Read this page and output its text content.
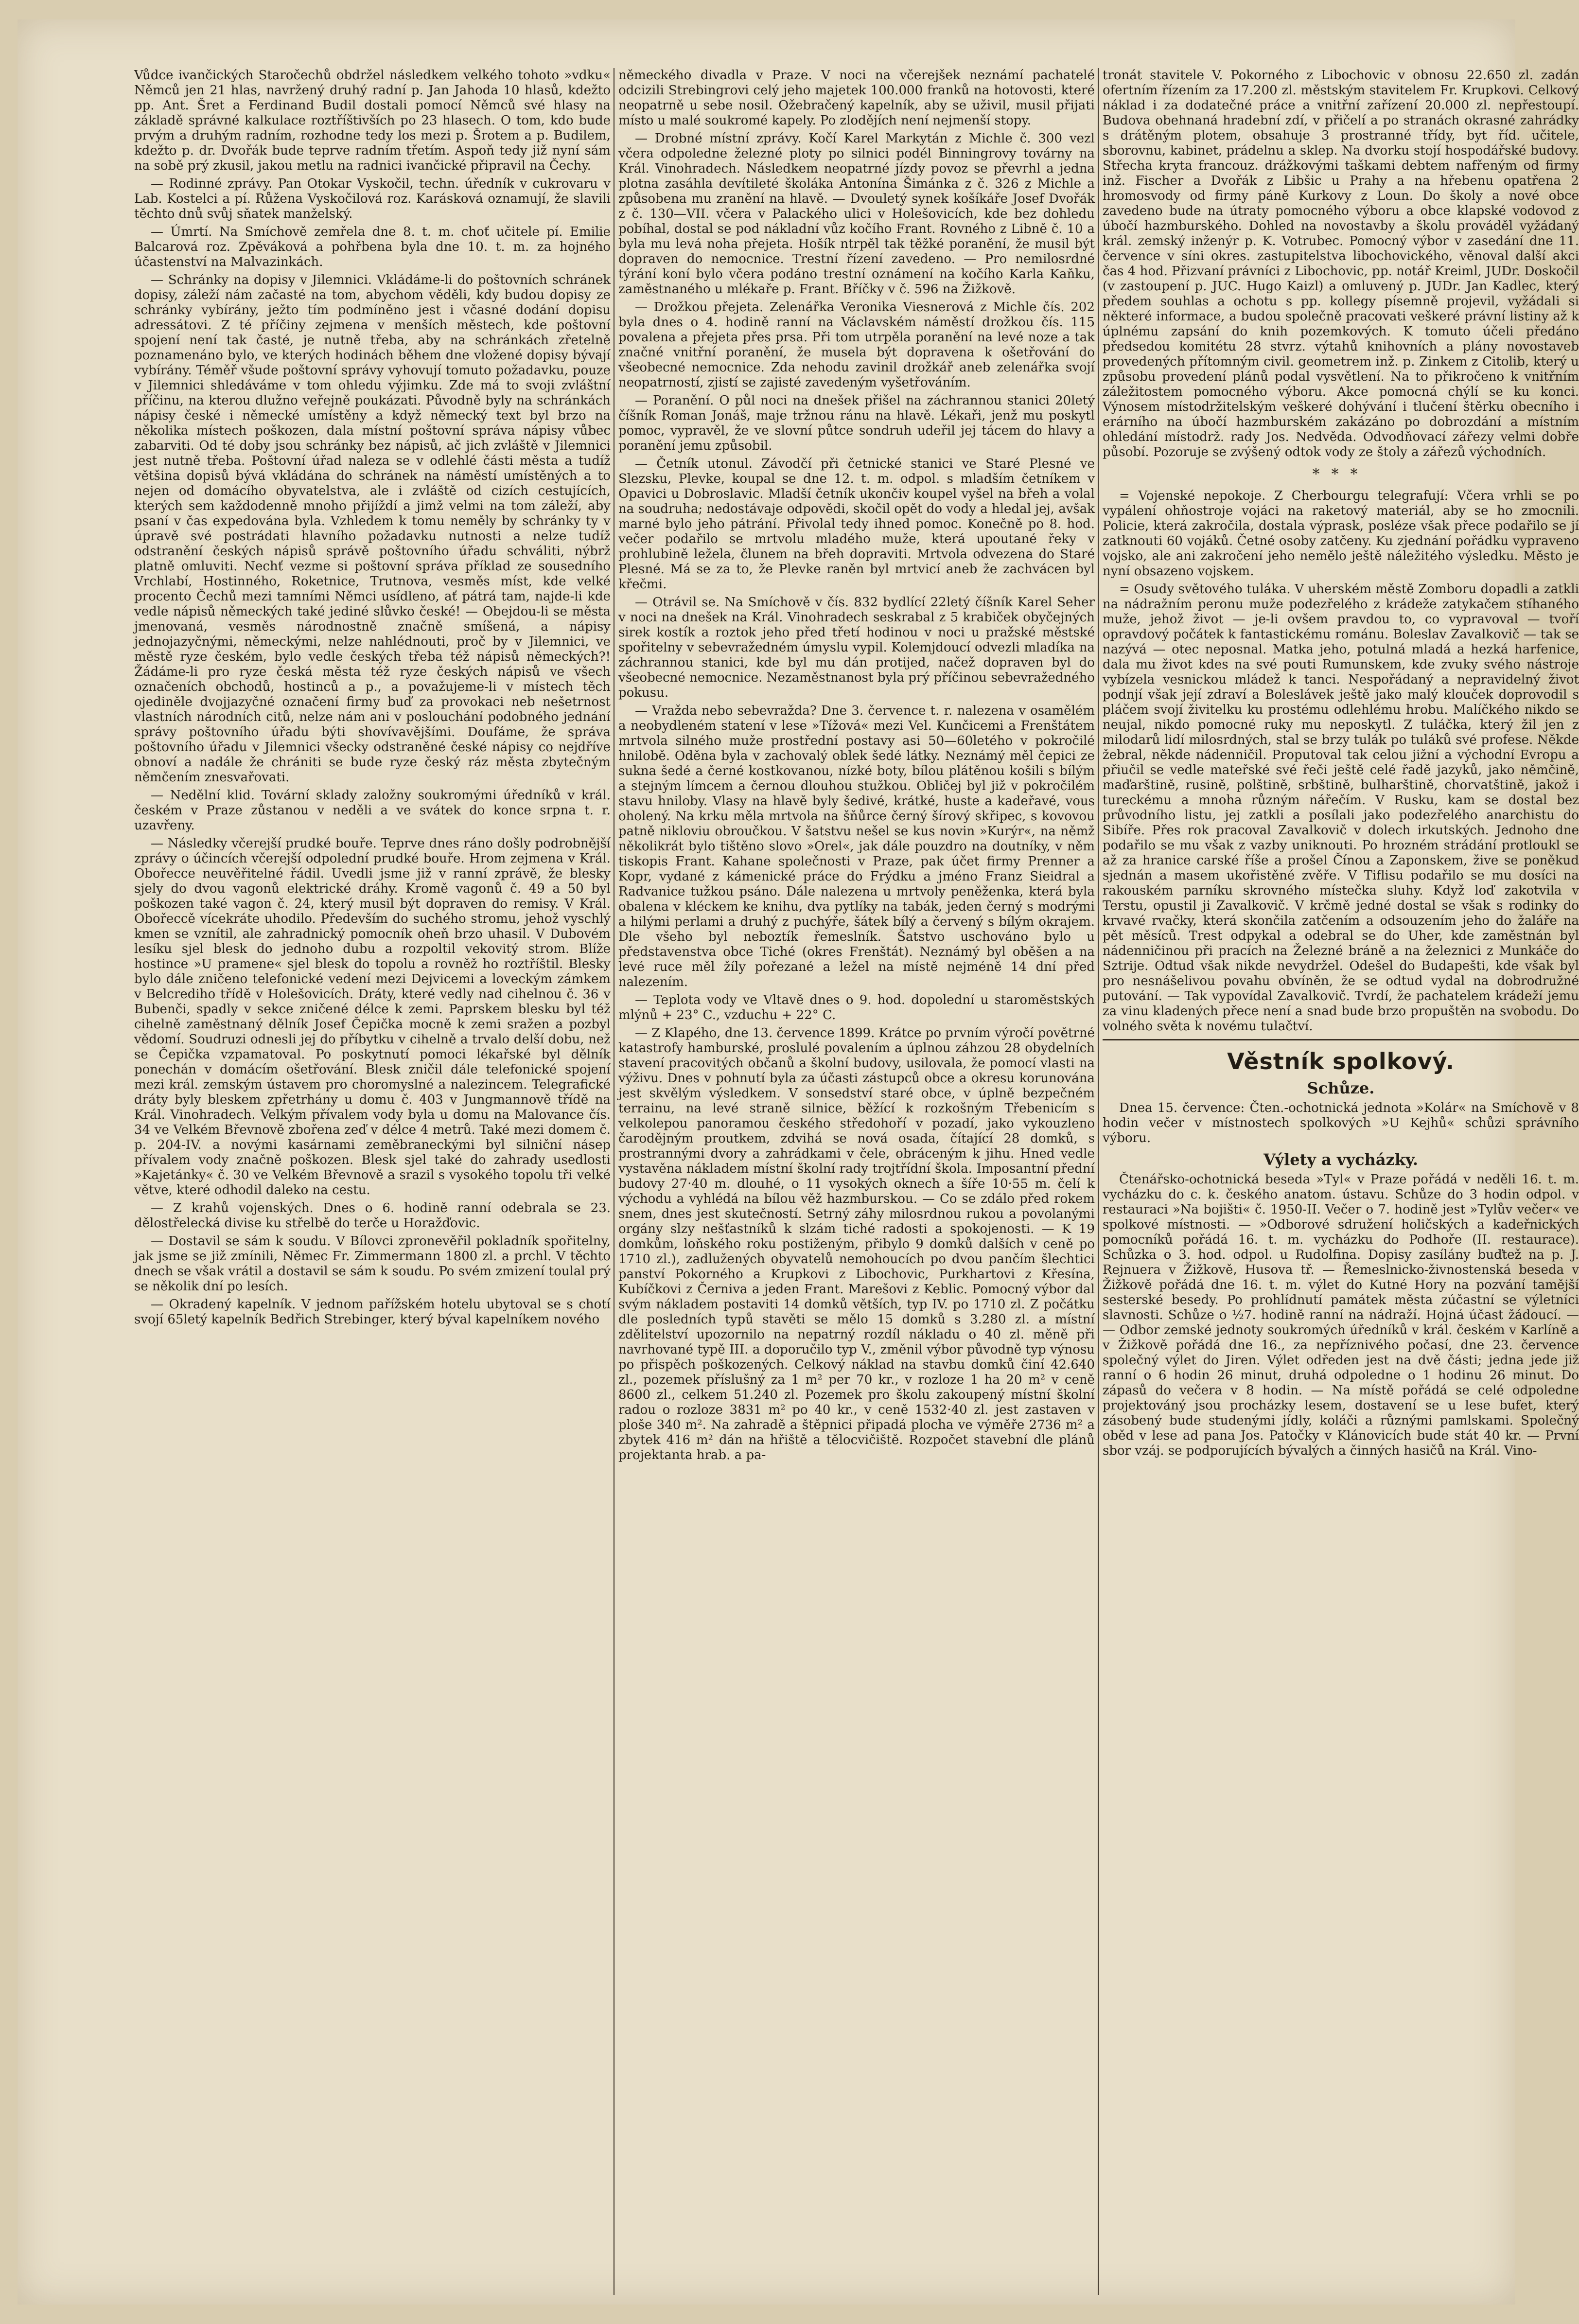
Vůdce ivančických Staročechů obdržel následkem velkého tohoto »vdku« Němců jen 21 hlas, navržený druhý radní p. Jan Jahoda 10 hlasů, kdežto pp. Ant. Šret a Ferdinand Budil dostali pomocí Němců své hlasy na základě správné kalkulace roztříštivších po 23 hlasech. O tom, kdo bude prvým a druhým radním, rozhodne tedy los mezi p. Šrotem a p. Budilem, kdežto p. dr. Dvořák bude teprve radním třetím. Aspoň tedy již nyní sám na sobě prý zkusil, jakou metlu na radnici ivančické připravil na Čechy.

— Rodinné zprávy. Pan Otokar Vyskočil, techn. úředník v cukrovaru v Lab. Kostelci a pí. Růžena Vyskočilová roz. Karásková oznamují, že slavili těchto dnů svůj sňatek manželský.

— Úmrtí. Na Smíchově zemřela dne 8. t. m. choť učitele pí. Emilie Balcarová roz. Zpěváková a pohřbena byla dne 10. t. m. za hojného účastenství na Malvazinkách.

— Schránky na dopisy v Jilemnici. Vkládáme-li do poštovních schránek dopisy, záleží nám začasté na tom, abychom věděli, kdy budou dopisy ze schránky vybírány, ježto tím podmíněno jest i včasné dodání dopisu adressátovi. Z té příčiny zejmena v menších městech, kde poštovní spojení není tak časté, je nutně třeba, aby na schránkách zřetelně poznamenáno bylo, ve kterých hodinách během dne vložené dopisy bývají vybírány. Téměř všude poštovní správy vyhovují tomuto požadavku, pouze v Jilemnici shledáváme v tom ohledu výjimku. Zde má to svoji zvláštní příčinu, na kterou dlužno veřejně poukázati. Původně byly na schránkách nápisy české i německé umístěny a když německý text byl brzo na několika místech poškozen, dala místní poštovní správa nápisy vůbec zabarviti. Od té doby jsou schránky bez nápisů, ač jich zvláště v Jilemnici jest nutně třeba. Poštovní úřad naleza se v odlehlé části města a tudíž většina dopisů bývá vkládána do schránek na náměstí umístěných a to nejen od domácího obyvatelstva, ale i zvláště od cizích cestujících, kterých sem každodenně mnoho přijíždí a jimž velmi na tom záleží, aby psaní v čas expedována byla. Vzhledem k tomu neměly by schránky ty v úpravě své postrádati hlavního požadavku nutnosti a nelze tudíž odstranění českých nápisů správě poštovního úřadu schváliti, nýbrž platně omluviti. Nechť vezme si poštovní správa příklad ze sousedního Vrchlabí, Hostinného, Roketnice, Trutnova, vesměs míst, kde velké procento Čechů mezi tamními Němci usídleno, ať pátrá tam, najde-li kde vedle nápisů německých také jediné slůvko české! — Obejdou-li se města jmenovaná, vesměs národnostně značně smíšená, a nápisy jednojazyčnými, německými, nelze nahlédnouti, proč by v Jilemnici, ve městě ryze českém, bylo vedle českých třeba též nápisů německých?! Žádáme-li pro ryze česká města též ryze českých nápisů ve všech označeních obchodů, hostinců a p., a považujeme-li v místech těch ojediněle dvojjazyčné označení firmy buď za provokaci neb nešetrnost vlastních národních citů, nelze nám ani v poslouchání podobného jednání správy poštovního úřadu býti shovívavějšími. Doufáme, že správa poštovního úřadu v Jilemnici všecky odstraněné české nápisy co nejdříve obnoví a nadále že chrániti se bude ryze český ráz města zbytečným němčením znesvařovati.

— Nedělní klid. Tovární sklady založny soukromými úředníků v král. českém v Praze zůstanou v neděli a ve svátek do konce srpna t. r. uzavřeny.

— Následky včerejší prudké bouře. Teprve dnes ráno došly podrobnější zprávy o účincích včerejší odpolední prudké bouře. Hrom zejmena v Král. Obořecce neuvěřitelné řádil. Uvedli jsme již v ranní zprávě, že blesky sjely do dvou vagonů elektrické dráhy. Kromě vagonů č. 49 a 50 byl poškozen také vagon č. 24, který musil být dopraven do remisy. V Král. Obořeccě vícekráte uhodilo. Především do suchého stromu, jehož vyschlý kmen se vznítil, ale zahradnický pomocník oheň brzo uhasil. V Dubovém lesíku sjel blesk do jednoho dubu a rozpoltil vekovitý strom. Blíže hostince »U pramene« sjel blesk do topolu a rovněž ho roztříštil. Blesky bylo dále zničeno telefonické vedení mezi Dejvicemi a loveckým zámkem v Belcrediho třídě v Holešovicích. Dráty, které vedly nad cihelnou č. 36 v Bubenči, spadly v sekce zničené délce k zemi. Paprskem blesku byl též cihelně zaměstnaný dělník Josef Čepička mocně k zemi sražen a pozbyl vědomí. Soudruzi odnesli jej do příbytku v cihelně a trvalo delší dobu, než se Čepička vzpamatoval. Po poskytnutí pomoci lékařské byl dělník ponechán v domácím ošetřování. Blesk zničil dále telefonické spojení mezi král. zemským ústavem pro choromyslné a nalezincem. Telegrafické dráty byly bleskem zpřetrhány u domu č. 403 v Jungmannově třídě na Král. Vinohradech. Velkým přívalem vody byla u domu na Malovance čís. 34 ve Velkém Břevnově zbořena zeď v délce 4 metrů. Také mezi domem č. p. 204-IV. a novými kasárnami zeměbraneckými byl silniční násep přívalem vody značně poškozen. Blesk sjel také do zahrady usedlosti »Kajetánky« č. 30 ve Velkém Břevnově a srazil s vysokého topolu tři velké větve, které odhodil daleko na cestu.

— Z krahů vojenských. Dnes o 6. hodině ranní odebrala se 23. dělostřelecká divise ku střelbě do terče u Horažďovic.

— Dostavil se sám k soudu. V Bílovci zpronevěřil pokladník spořitelny, jak jsme se již zmínili, Němec Fr. Zimmermann 1800 zl. a prchl. V těchto dnech se však vrátil a dostavil se sám k soudu. Po svém zmizení toulal prý se několik dní po lesích.

— Okradený kapelník. V jednom pařížském hotelu ubytoval se s chotí svojí 65letý kapelník Bedřich Strebinger, který býval kapelníkem nového

německého divadla v Praze. V noci na včerejšek neznámí pachatelé odcizili Strebingrovi celý jeho majetek 100.000 franků na hotovosti, které neopatrně u sebe nosil. Ožebračený kapelník, aby se uživil, musil přijati místo u malé soukromé kapely. Po zlodějích není nejmenší stopy.

— Drobné místní zprávy. Kočí Karel Markytán z Michle č. 300 vezl včera odpoledne železné ploty po silnici podél Binningrovy továrny na Král. Vinohradech. Následkem neopatrné jízdy povoz se převrhl a jedna plotna zasáhla devítileté školáka Antonína Šimánka z č. 326 z Michle a způsobena mu zranění na hlavě. — Dvouletý synek košíkáře Josef Dvořák z č. 130—VII. včera v Palackého ulici v Holešovicích, kde bez dohledu pobíhal, dostal se pod nákladní vůz kočího Frant. Rovného z Libně č. 10 a byla mu levá noha přejeta. Hošík ntrpěl tak těžké poranění, že musil být dopraven do nemocnice. Trestní řízení zavedeno. — Pro nemilosrdné týrání koní bylo včera podáno trestní oznámení na kočího Karla Kaňku, zaměstnaného u mlékaře p. Frant. Bříčky v č. 596 na Žižkově.

— Drožkou přejeta. Zelenářka Veronika Viesnerová z Michle čís. 202 byla dnes o 4. hodině ranní na Václavském náměstí drožkou čís. 115 povalena a přejeta přes prsa. Při tom utrpěla poranění na levé noze a tak značné vnitřní poranění, že musela být dopravena k ošetřování do všeobecné nemocnice. Zda nehodu zavinil drožkář aneb zelenářka svojí neopatrností, zjistí se zajisté zavedeným vyšetřováním.

— Poranění. O půl noci na dnešek přišel na záchrannou stanici 20letý číšník Roman Jonáš, maje tržnou ránu na hlavě. Lékaři, jenž mu poskytl pomoc, vypravěl, že ve slovní půtce sondruh udeřil jej tácem do hlavy a poranění jemu způsobil.

— Četník utonul. Závodčí při četnické stanici ve Staré Plesné ve Slezsku, Plevke, koupal se dne 12. t. m. odpol. s mladším četníkem v Opavici u Dobroslavic. Mladší četník ukončiv koupel vyšel na břeh a volal na soudruha; nedostávaje odpovědi, skočil opět do vody a hledal jej, avšak marné bylo jeho pátrání. Přivolal tedy ihned pomoc. Konečně po 8. hod. večer podařilo se mrtvolu mladého muže, která upoutané řeky v prohlubině ležela, člunem na břeh dopraviti. Mrtvola odvezena do Staré Plesné. Má se za to, že Plevke raněn byl mrtvicí aneb že zachvácen byl křečmi.

— Otrávil se. Na Smíchově v čís. 832 bydlící 22letý číšník Karel Seher v noci na dnešek na Král. Vinohradech seskrabal z 5 krabiček obyčejných sirek kostík a roztok jeho před třetí hodinou v noci u pražské městské spořitelny v sebevražedném úmyslu vypil. Kolemjdoucí odvezli mladíka na záchrannou stanici, kde byl mu dán protijed, načež dopraven byl do všeobecné nemocnice. Nezaměstnanost byla prý příčinou sebevražedného pokusu.

— Vražda nebo sebevražda? Dne 3. července t. r. nalezena v osamělém a neobydleném statení v lese »Tížová« mezi Vel. Kunčicemi a Frenštátem mrtvola silného muže prostřední postavy asi 50—60letého v pokročilé hnilobě. Oděna byla v zachovalý oblek šedé látky. Neznámý měl čepici ze sukna šedé a černé kostkovanou, nízké boty, bílou plátěnou košili s bílým a stejným límcem a černou dlouhou stužkou. Obličej byl již v pokročilém stavu hniloby. Vlasy na hlavě byly šedivé, krátké, huste a kadeřavé, vous oholený. Na krku měla mrtvola na šňůrce černý šírový skřipec, s kovovou patně nikloviu obroučkou. V šatstvu nešel se kus novin »Kurýr«, na němž několikrát bylo tištěno slovo »Orel«, jak dále pouzdro na doutníky, v něm tiskopis Frant. Kahane společnosti v Praze, pak účet firmy Prenner a Kopr, vydané z kámenické práce do Frýdku a jméno Franz Sieidral a Radvanice tužkou psáno. Dále nalezena u mrtvoly peněženka, která byla obalena v kléckem ke knihu, dva pytlíky na tabák, jeden černý s modrými a hilými perlami a druhý z puchýře, šátek bílý a červený s bílým okrajem. Dle všeho byl neboztík řemeslník. Šatstvo uschováno bylo u představenstva obce Tiché (okres Frenštát). Neznámý byl oběšen a na levé ruce měl žíly pořezané a ležel na místě nejméně 14 dní před nalezením.

— Teplota vody ve Vltavě dnes o 9. hod. dopolední u staroměstských mlýnů + 23° C., vzduchu + 22° C.

— Z Klapého, dne 13. července 1899. Krátce po prvním výročí povětrné katastrofy hamburské, proslulé povalením a úplnou záhzou 28 obydelních stavení pracovitých občanů a školní budovy, usilovala, že pomocí vlasti na výživu. Dnes v pohnutí byla za účasti zástupců obce a okresu korunována jest skvělým výsledkem. V sonsedství staré obce, v úplně bezpečném terrainu, na levé straně silnice, běžící k rozkošným Třebenicím s velkolepou panoramou českého středohoří v pozadí, jako vykouzleno čarodějným proutkem, zdvihá se nová osada, čítající 28 domků, s prostrannými dvory a zahrádkami v čele, obráceným k jihu. Hned vedle vystavěna nákladem místní školní rady trojtřídní škola. Imposantní přední budovy 27·40 m. dlouhé, o 11 vysokých oknech a šíře 10·55 m. čelí k východu a vyhlédá na bílou věž hazmburskou. — Co se zdálo před rokem snem, dnes jest skutečností. Setrný záhy milosrdnou rukou a povolanými orgány slzy nešťastníků k slzám tiché radosti a spokojenosti. — K 19 domkům, loňského roku postiženým, přibylo 9 domků dalších v ceně po 1710 zl.), zadlužených obyvatelů nemohoucích po dvou pančím šlechtici panství Pokorného a Krupkovi z Libochovic, Purkhartovi z Křesína, Kubíčkovi z Černiva a jeden Frant. Marešovi z Keblic. Pomocný výbor dal svým nákladem postaviti 14 domků větších, typ IV. po 1710 zl. Z počátku dle posledních typů stavěti se mělo 15 domků s 3.280 zl. a místní zdělitelství upozornilo na nepatrný rozdíl nákladu o 40 zl. měně při navrhované typě III. a doporučilo typ V., změnil výbor původně typ výnosu po přispěch poškozených. Celkový náklad na stavbu domků činí 42.640 zl., pozemek příslušný za 1 m² per 70 kr., v rozloze 1 ha 20 m² v ceně 8600 zl., celkem 51.240 zl. Pozemek pro školu zakoupený místní školní radou o rozloze 3831 m² po 40 kr., v ceně 1532·40 zl. jest zastaven v ploše 340 m². Na zahradě a štěpnici připadá plocha ve výměře 2736 m² a zbytek 416 m² dán na hřiště a tělocvičiště. Rozpočet stavební dle plánů projektanta hrab. a pa-

tronát stavitele V. Pokorného z Libochovic v obnosu 22.650 zl. zadán ofertním řízením za 17.200 zl. městským stavitelem Fr. Krupkovi. Celkový náklad i za dodatečné práce a vnitřní zařízení 20.000 zl. nepřestoupí. Budova obehnaná hradební zdí, v přičelí a po stranách okrasné zahrádky s drátěným plotem, obsahuje 3 prostranné třídy, byt říd. učitele, sborovnu, kabinet, prádelnu a sklep. Na dvorku stojí hospodářské budovy. Střecha kryta francouz. drážkovými taškami debtem nafřeným od firmy inž. Fischer a Dvořák z Libšic u Prahy a na hřebenu opatřena 2 hromosvody od firmy páně Kurkovy z Loun. Do školy a nové obce zavedeno bude na útraty pomocného výboru a obce klapské vodovod z úbočí hazmburského. Dohled na novostavby a školu prováděl vyžádaný král. zemský inženýr p. K. Votrubec. Pomocný výbor v zasedání dne 11. července v síni okres. zastupitelstva libochovického, věnoval další akci čas 4 hod. Přizvaní právníci z Libochovic, pp. notář Kreiml, JUDr. Doskočil (v zastoupení p. JUC. Hugo Kaizl) a omluvený p. JUDr. Jan Kadlec, který předem souhlas a ochotu s pp. kollegy písemně projevil, vyžádali si některé informace, a budou společně pracovati veškeré právní listiny až k úplnému zapsání do knih pozemkových. K tomuto účeli předáno předsedou komitétu 28 stvrz. výtahů knihovních a plány novostaveb provedených přítomným civil. geometrem inž. p. Zinkem z Citolib, který u způsobu provedení plánů podal vysvětlení. Na to přikročeno k vnitřním záležitostem pomocného výboru. Akce pomocná chýlí se ku konci. Výnosem místodržitelským veškeré dohývání i tlučení štěrku obecního i erárního na úbočí hazmburském zakázáno po dobrozdání a místním ohledání místodrž. rady Jos. Nedvěda. Odvodňovací zářezy velmi dobře působí. Pozoruje se zvýšený odtok vody ze štoly a zářezů východních.

***

= Vojenské nepokoje. Z Cherbourgu telegrafují: Včera vrhli se po vypálení ohňostroje vojáci na raketový materiál, aby se ho zmocnili. Policie, která zakročila, dostala výprask, posléze však přece podařilo se jí zatknouti 60 vojáků. Četné osoby zatčeny. Ku zjednání pořádku vypraveno vojsko, ale ani zakročení jeho nemělo ještě náležitého výsledku. Město je nyní obsazeno vojskem.

= Osudy světového tuláka. V uherském městě Zomboru dopadli a zatkli na nádražním peronu muže podezřelého z krádeže zatykačem stíhaného muže, jehož život — je-li ovšem pravdou to, co vypravoval — tvoří opravdový počátek k fantastickému románu. Boleslav Zavalkovič — tak se nazývá — otec neposnal. Matka jeho, potulná mladá a hezká harfenice, dala mu život kdes na své pouti Rumunskem, kde zvuky svého nástroje vybízela vesnickou mládež k tanci. Nespořádaný a nepravidelný život podnjí však její zdraví a Boleslávek ještě jako malý klouček doprovodil s pláčem svojí živitelku ku prostému odlehlému hrobu. Malíčkého nikdo se neujal, nikdo pomocné ruky mu neposkytl. Z tuláčka, který žil jen z milodarů lidí milosrdných, stal se brzy tulák po tuláků své profese. Někde žebral, někde nádenničil. Proputoval tak celou jižní a východní Evropu a přiučil se vedle mateřské své řeči ještě celé řadě jazyků, jako němčině, maďarštině, rusině, polštině, srbštině, bulharštině, chorvatštině, jakož i tureckému a mnoha různým nářečím. V Rusku, kam se dostal bez průvodního listu, jej zatkli a posílali jako podezřelého anarchistu do Sibíře. Přes rok pracoval Zavalkovič v dolech irkutských. Jednoho dne podařilo se mu však z vazby uniknouti. Po hrozném strádání protloukl se až za hranice carské říše a prošel Čínou a Zaponskem, žive se poněkud sjednán a masem ukořistěné zvěře. V Tiflisu podařilo se mu dosíci na rakouském parníku skrovného místečka sluhy. Když loď zakotvila v Terstu, opustil ji Zavalkovič. V krčmě jedné dostal se však s rodinky do krvavé rvačky, která skončila zatčením a odsouzením jeho do žaláře na pět měsíců. Trest odpykal a odebral se do Uher, kde zaměstnán byl nádenničinou při pracích na Železné bráně a na železnici z Munkáče do Sztrije. Odtud však nikde nevydržel. Odešel do Budapešti, kde však byl pro nesnášelivou povahu obvíněn, že se odtud vydal na dobrodružné putování. — Tak vypovídal Zavalkovič. Tvrdí, že pachatelem krádeží jemu za vinu kladených přece není a snad bude brzo propuštěn na svobodu. Do volného světa k novému tulačtví.

Věstník spolkový.
Schůze.

Dnea 15. července: Čten.-ochotnická jednota »Kolár« na Smíchově v 8 hodin večer v místnostech spolkových »U Kejhů« schůzi správního výboru.

Výlety a vycházky.

Čtenářsko-ochotnická beseda »Tyl« v Praze pořádá v neděli 16. t. m. vycházku do c. k. českého anatom. ústavu. Schůze do 3 hodin odpol. v restauraci »Na bojišti« č. 1950-II. Večer o 7. hodině jest »Tylův večer« ve spolkové místnosti. — »Odborové sdružení holičských a kadeřnických pomocníků pořádá 16. t. m. vycházku do Podhoře (II. restaurace). Schůzka o 3. hod. odpol. u Rudolfina. Dopisy zasílány buďtež na p. J. Rejnuera v Žižkově, Husova tř. — Řemeslnicko-živnostenská beseda v Žižkově pořádá dne 16. t. m. výlet do Kutné Hory na pozvání tamější sesterské besedy. Po prohlídnutí památek města zúčastní se výletníci slavnosti. Schůze o ½7. hodině ranní na nádraží. Hojná účast žádoucí. — — Odbor zemské jednoty soukromých úředníků v král. českém v Karlíně a v Žižkově pořádá dne 16., za nepříznivého počasí, dne 23. července společný výlet do Jiren. Výlet odředen jest na dvě části; jedna jede již ranní o 6 hodin 26 minut, druhá odpoledne o 1 hodinu 26 minut. Do zápasů do večera v 8 hodin. — Na místě pořádá se celé odpoledne projektováný jsou procházky lesem, dostavení se u lese bufet, který zásobený bude studenými jídly, koláči a různými pamlskami. Společný oběd v lese ad pana Jos. Patočky v Klánovicích bude stát 40 kr. — První sbor vzáj. se podporujících bývalých a činných hasičů na Král. Vino-
